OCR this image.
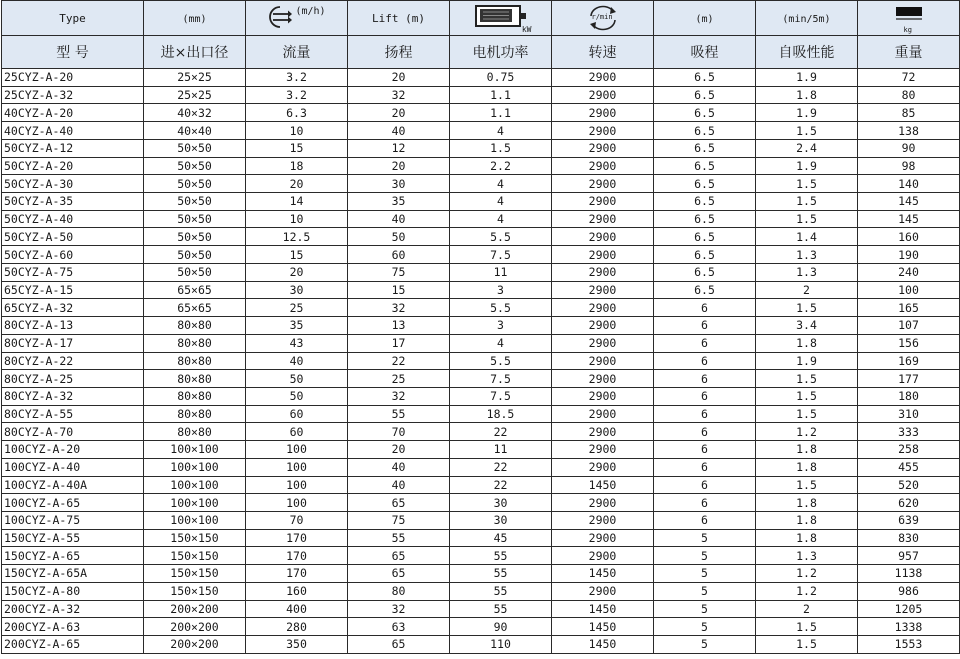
Type	(mm)	(m/h)	Lift (m)	kW	r/min	(m)	(min/5m)	kg

型 号	进×出口径	流量	扬程	电机功率	转速	吸程	自吸性能	重量
25CYZ-A-20	25×25	3.2	20	0.75	2900	6.5	1.9	72
25CYZ-A-32	25×25	3.2	32	1.1	2900	6.5	1.8	80
40CYZ-A-20	40×32	6.3	20	1.1	2900	6.5	1.9	85
40CYZ-A-40	40×40	10	40	4	2900	6.5	1.5	138
50CYZ-A-12	50×50	15	12	1.5	2900	6.5	2.4	90
50CYZ-A-20	50×50	18	20	2.2	2900	6.5	1.9	98
50CYZ-A-30	50×50	20	30	4	2900	6.5	1.5	140
50CYZ-A-35	50×50	14	35	4	2900	6.5	1.5	145
50CYZ-A-40	50×50	10	40	4	2900	6.5	1.5	145
50CYZ-A-50	50×50	12.5	50	5.5	2900	6.5	1.4	160
50CYZ-A-60	50×50	15	60	7.5	2900	6.5	1.3	190
50CYZ-A-75	50×50	20	75	11	2900	6.5	1.3	240
65CYZ-A-15	65×65	30	15	3	2900	6.5	2	100
65CYZ-A-32	65×65	25	32	5.5	2900	6	1.5	165
80CYZ-A-13	80×80	35	13	3	2900	6	3.4	107
80CYZ-A-17	80×80	43	17	4	2900	6	1.8	156
80CYZ-A-22	80×80	40	22	5.5	2900	6	1.9	169
80CYZ-A-25	80×80	50	25	7.5	2900	6	1.5	177
80CYZ-A-32	80×80	50	32	7.5	2900	6	1.5	180
80CYZ-A-55	80×80	60	55	18.5	2900	6	1.5	310
80CYZ-A-70	80×80	60	70	22	2900	6	1.2	333
100CYZ-A-20	100×100	100	20	11	2900	6	1.8	258
100CYZ-A-40	100×100	100	40	22	2900	6	1.8	455
100CYZ-A-40A	100×100	100	40	22	1450	6	1.5	520
100CYZ-A-65	100×100	100	65	30	2900	6	1.8	620
100CYZ-A-75	100×100	70	75	30	2900	6	1.8	639
150CYZ-A-55	150×150	170	55	45	2900	5	1.8	830
150CYZ-A-65	150×150	170	65	55	2900	5	1.3	957
150CYZ-A-65A	150×150	170	65	55	1450	5	1.2	1138
150CYZ-A-80	150×150	160	80	55	2900	5	1.2	986
200CYZ-A-32	200×200	400	32	55	1450	5	2	1205
200CYZ-A-63	200×200	280	63	90	1450	5	1.5	1338
200CYZ-A-65	200×200	350	65	110	1450	5	1.5	1553
